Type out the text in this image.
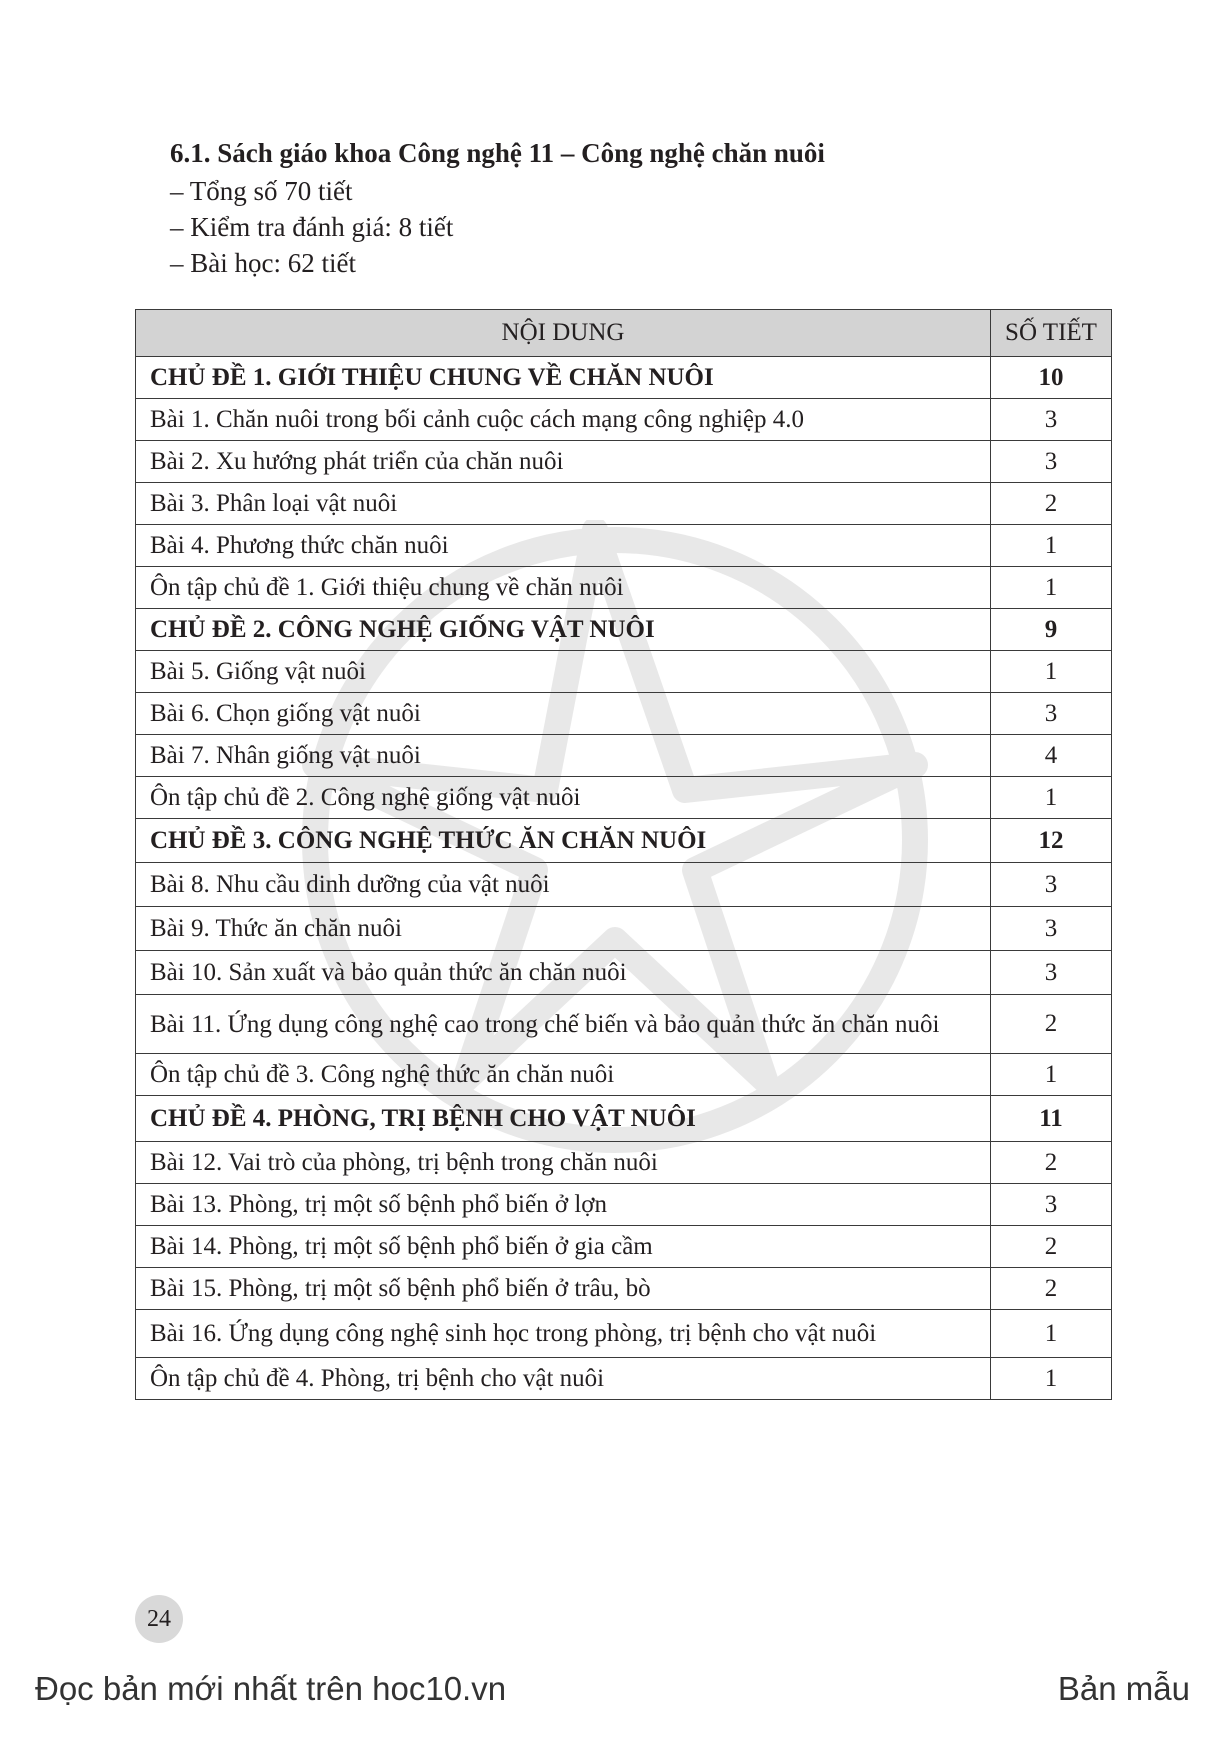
6.1. Sách giáo khoa Công nghệ 11 – Công nghệ chăn nuôi

– Tổng số 70 tiết

– Kiểm tra đánh giá: 8 tiết

– Bài học: 62 tiết

NỘI DUNG	SỐ TIẾT
CHỦ ĐỀ 1. GIỚI THIỆU CHUNG VỀ CHĂN NUÔI	10
Bài 1. Chăn nuôi trong bối cảnh cuộc cách mạng công nghiệp 4.0	3
Bài 2. Xu hướng phát triển của chăn nuôi	3
Bài 3. Phân loại vật nuôi	2
Bài 4. Phương thức chăn nuôi	1
Ôn tập chủ đề 1. Giới thiệu chung về chăn nuôi	1
CHỦ ĐỀ 2. CÔNG NGHỆ GIỐNG VẬT NUÔI	9
Bài 5. Giống vật nuôi	1
Bài 6. Chọn giống vật nuôi	3
Bài 7. Nhân giống vật nuôi	4
Ôn tập chủ đề 2. Công nghệ giống vật nuôi	1
CHỦ ĐỀ 3. CÔNG NGHỆ THỨC ĂN CHĂN NUÔI	12
Bài 8. Nhu cầu dinh dưỡng của vật nuôi	3
Bài 9. Thức ăn chăn nuôi	3
Bài 10. Sản xuất và bảo quản thức ăn chăn nuôi	3
Bài 11. Ứng dụng công nghệ cao trong chế biến và bảo quản thức ăn chăn nuôi	2
Ôn tập chủ đề 3. Công nghệ thức ăn chăn nuôi	1
CHỦ ĐỀ 4. PHÒNG, TRỊ BỆNH CHO VẬT NUÔI	11
Bài 12. Vai trò của phòng, trị bệnh trong chăn nuôi	2
Bài 13. Phòng, trị một số bệnh phổ biến ở lợn	3
Bài 14. Phòng, trị một số bệnh phổ biến ở gia cầm	2
Bài 15. Phòng, trị một số bệnh phổ biến ở trâu, bò	2
Bài 16. Ứng dụng công nghệ sinh học trong phòng, trị bệnh cho vật nuôi	1
Ôn tập chủ đề 4. Phòng, trị bệnh cho vật nuôi	1
24
Đọc bản mới nhất trên hoc10.vn	Bản mẫu
